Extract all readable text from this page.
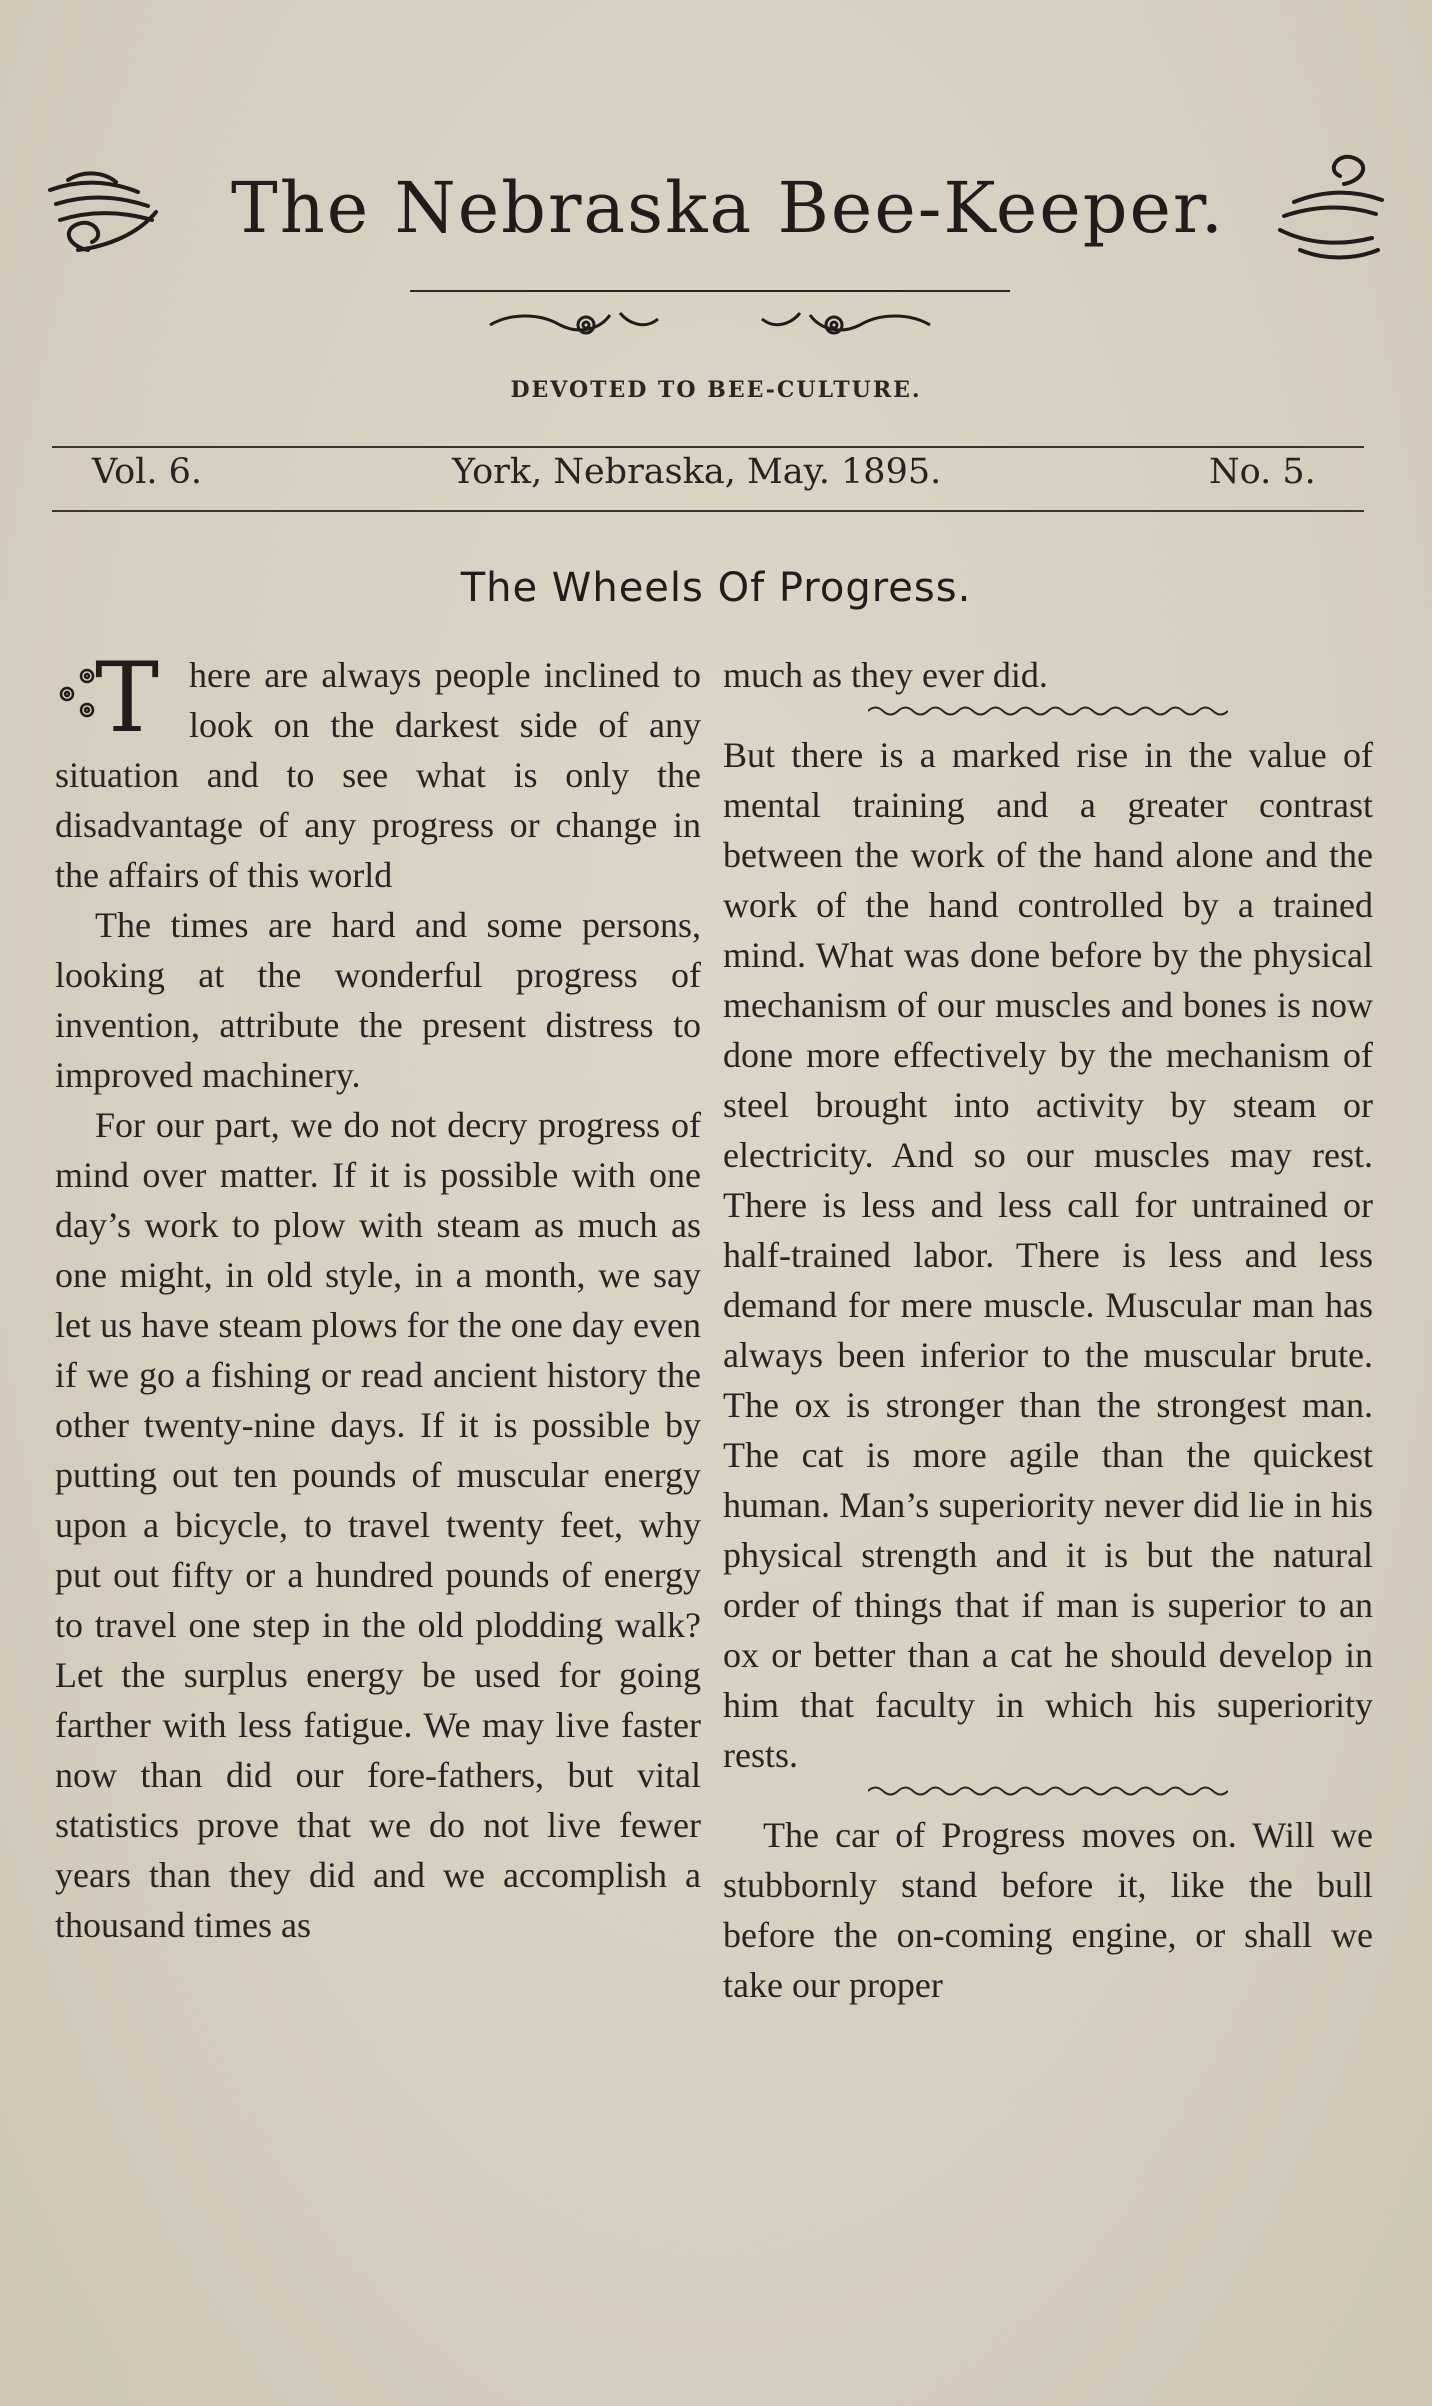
The Nebraska Bee-Keeper.
DEVOTED TO BEE-CULTURE.
Vol. 6.	York, Nebraska, May. 1895.	No. 5.
The Wheels Of Progress.

T here are always people inclined to look on the darkest side of any situation and to see what is only the disadvantage of any progress or change in the affairs of this world

The times are hard and some persons, looking at the wonderful progress of invention, attribute the present distress to improved machinery.

For our part, we do not decry progress of mind over matter. If it is possible with one day’s work to plow with steam as much as one might, in old style, in a month, we say let us have steam plows for the one day even if we go a fishing or read ancient history the other twenty-nine days. If it is possible by putting out ten pounds of muscular energy upon a bicycle, to travel twenty feet, why put out fifty or a hundred pounds of energy to travel one step in the old plodding walk? Let the surplus energy be used for going farther with less fatigue. We may live faster now than did our fore-fathers, but vital statistics prove that we do not live fewer years than they did and we accomplish a thousand times as

much as they ever did.

But there is a marked rise in the value of mental training and a greater contrast between the work of the hand alone and the work of the hand controlled by a trained mind. What was done before by the physical mechanism of our muscles and bones is now done more effectively by the mechanism of steel brought into activity by steam or electricity. And so our muscles may rest. There is less and less call for untrained or half-trained labor. There is less and less demand for mere muscle. Muscular man has always been inferior to the muscular brute. The ox is stronger than the strongest man. The cat is more agile than the quickest human. Man’s superiority never did lie in his physical strength and it is but the natural order of things that if man is superior to an ox or better than a cat he should develop in him that faculty in which his superiority rests.

The car of Progress moves on. Will we stubbornly stand before it, like the bull before the on-coming engine, or shall we take our proper
